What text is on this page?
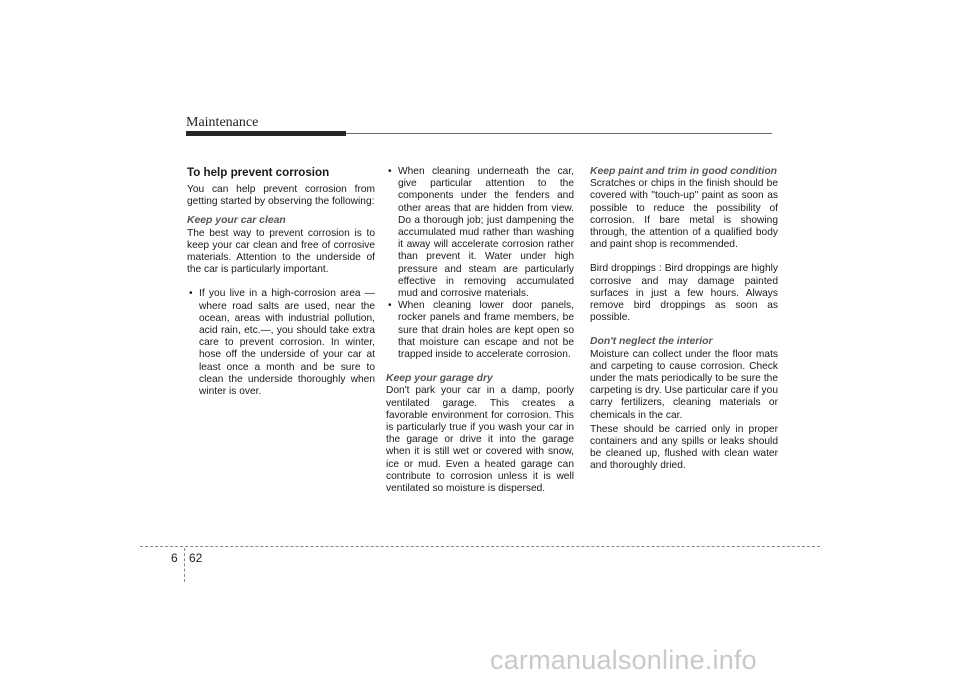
Maintenance
To help prevent corrosion

You can help prevent corrosion from getting started by observing the following:

Keep your car clean

The best way to prevent corrosion is to keep your car clean and free of corrosive materials. Attention to the underside of the car is particularly important.

• If you live in a high-corrosion area — where road salts are used, near the ocean, areas with industrial pollution, acid rain, etc.—, you should take extra care to prevent corrosion. In winter, hose off the underside of your car at least once a month and be sure to clean the underside thoroughly when winter is over.
• When cleaning underneath the car, give particular attention to the components under the fenders and other areas that are hidden from view. Do a thorough job; just dampening the accumulated mud rather than washing it away will accelerate corrosion rather than prevent it. Water under high pressure and steam are particularly effective in removing accumulated mud and corrosive materials.
• When cleaning lower door panels, rocker panels and frame members, be sure that drain holes are kept open so that moisture can escape and not be trapped inside to accelerate corrosion.
Keep your garage dry

Don't park your car in a damp, poorly ventilated garage. This creates a favorable environment for corrosion. This is particularly true if you wash your car in the garage or drive it into the garage when it is still wet or covered with snow, ice or mud. Even a heated garage can contribute to corrosion unless it is well ventilated so moisture is dispersed.

Keep paint and trim in good condition

Scratches or chips in the finish should be covered with "touch-up" paint as soon as possible to reduce the possibility of corrosion. If bare metal is showing through, the attention of a qualified body and paint shop is recommended.

Bird droppings : Bird droppings are highly corrosive and may damage painted surfaces in just a few hours. Always remove bird droppings as soon as possible.

Don't neglect the interior

Moisture can collect under the floor mats and carpeting to cause corrosion. Check under the mats periodically to be sure the carpeting is dry. Use particular care if you carry fertilizers, cleaning materials or chemicals in the car.

These should be carried only in proper containers and any spills or leaks should be cleaned up, flushed with clean water and thoroughly dried.

6 62
carmanualsonline.info
